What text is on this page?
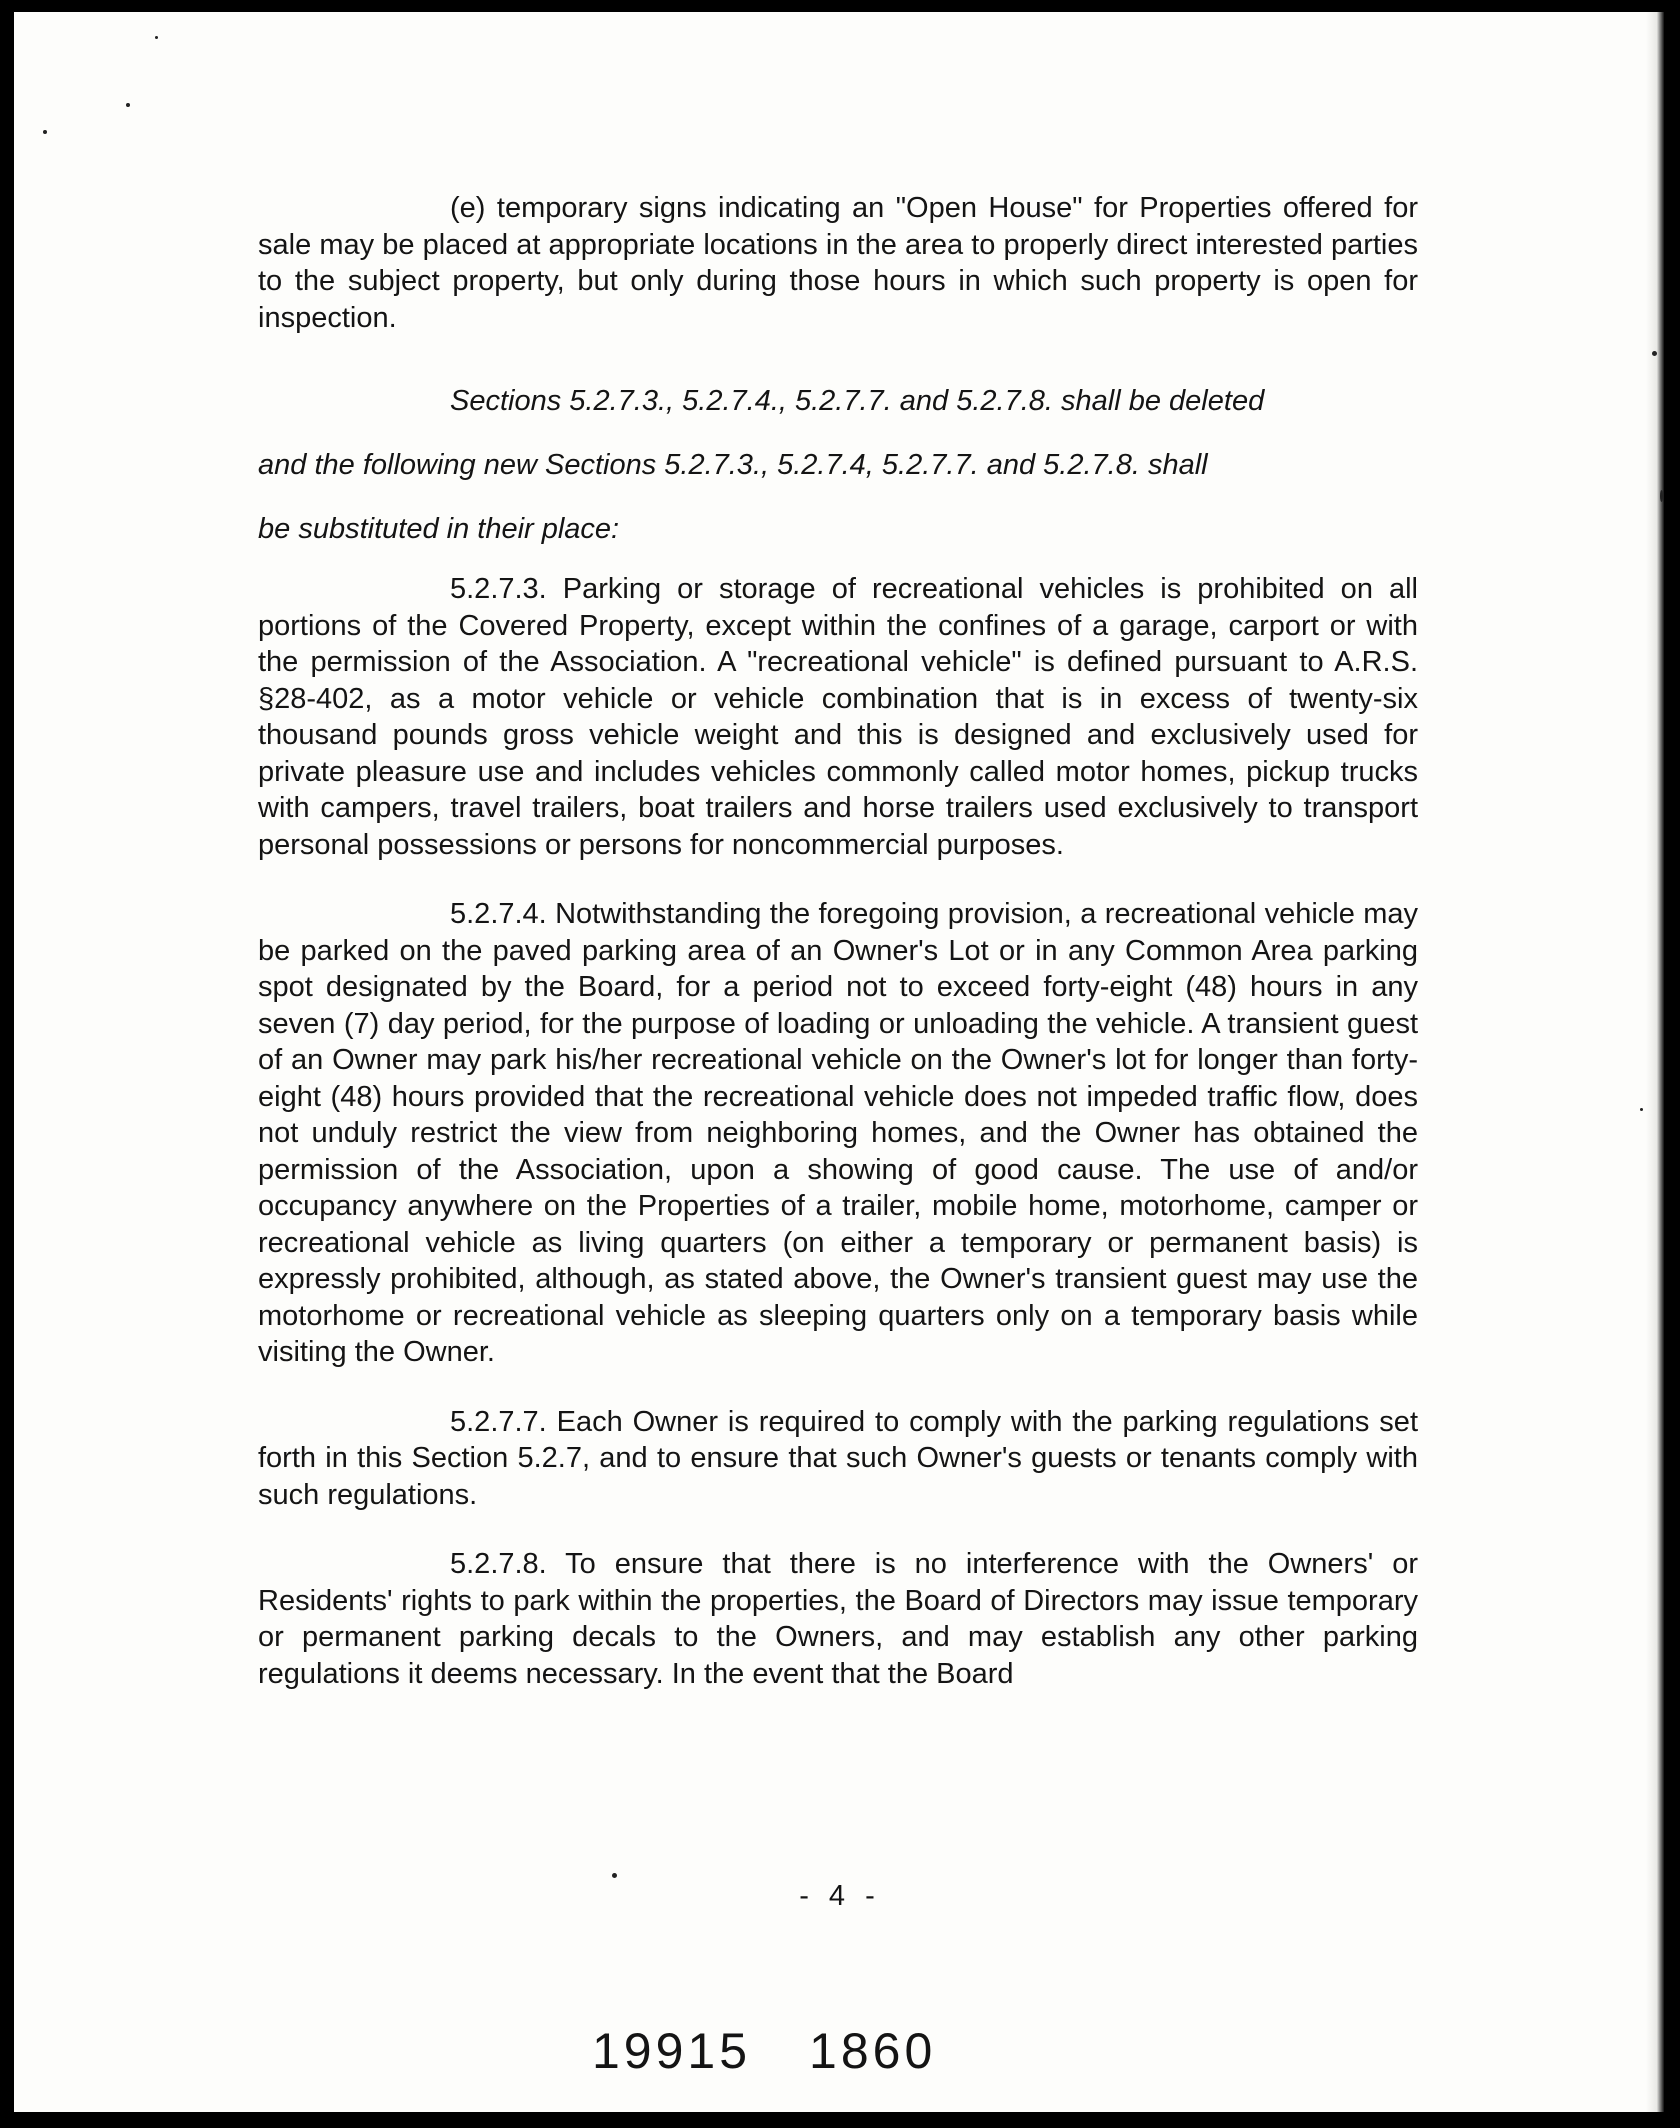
(e) temporary signs indicating an "Open House" for Properties offered for sale may be placed at appropriate locations in the area to properly direct interested parties to the subject property, but only during those hours in which such property is open for inspection.

Sections 5.2.7.3., 5.2.7.4., 5.2.7.7. and 5.2.7.8. shall be deleted
and the following new Sections 5.2.7.3., 5.2.7.4, 5.2.7.7. and 5.2.7.8. shall
be substituted in their place:

5.2.7.3. Parking or storage of recreational vehicles is prohibited on all portions of the Covered Property, except within the confines of a garage, carport or with the permission of the Association. A "recreational vehicle" is defined pursuant to A.R.S. §28-402, as a motor vehicle or vehicle combination that is in excess of twenty-six thousand pounds gross vehicle weight and this is designed and exclusively used for private pleasure use and includes vehicles commonly called motor homes, pickup trucks with campers, travel trailers, boat trailers and horse trailers used exclusively to transport personal possessions or persons for noncommercial purposes.

5.2.7.4. Notwithstanding the foregoing provision, a recreational vehicle may be parked on the paved parking area of an Owner's Lot or in any Common Area parking spot designated by the Board, for a period not to exceed forty-eight (48) hours in any seven (7) day period, for the purpose of loading or unloading the vehicle. A transient guest of an Owner may park his/her recreational vehicle on the Owner's lot for longer than forty-eight (48) hours provided that the recreational vehicle does not impeded traffic flow, does not unduly restrict the view from neighboring homes, and the Owner has obtained the permission of the Association, upon a showing of good cause. The use of and/or occupancy anywhere on the Properties of a trailer, mobile home, motorhome, camper or recreational vehicle as living quarters (on either a temporary or permanent basis) is expressly prohibited, although, as stated above, the Owner's transient guest may use the motorhome or recreational vehicle as sleeping quarters only on a temporary basis while visiting the Owner.

5.2.7.7. Each Owner is required to comply with the parking regulations set forth in this Section 5.2.7, and to ensure that such Owner's guests or tenants comply with such regulations.

5.2.7.8. To ensure that there is no interference with the Owners' or Residents' rights to park within the properties, the Board of Directors may issue temporary or permanent parking decals to the Owners, and may establish any other parking regulations it deems necessary. In the event that the Board

- 4 -
19915 1860
